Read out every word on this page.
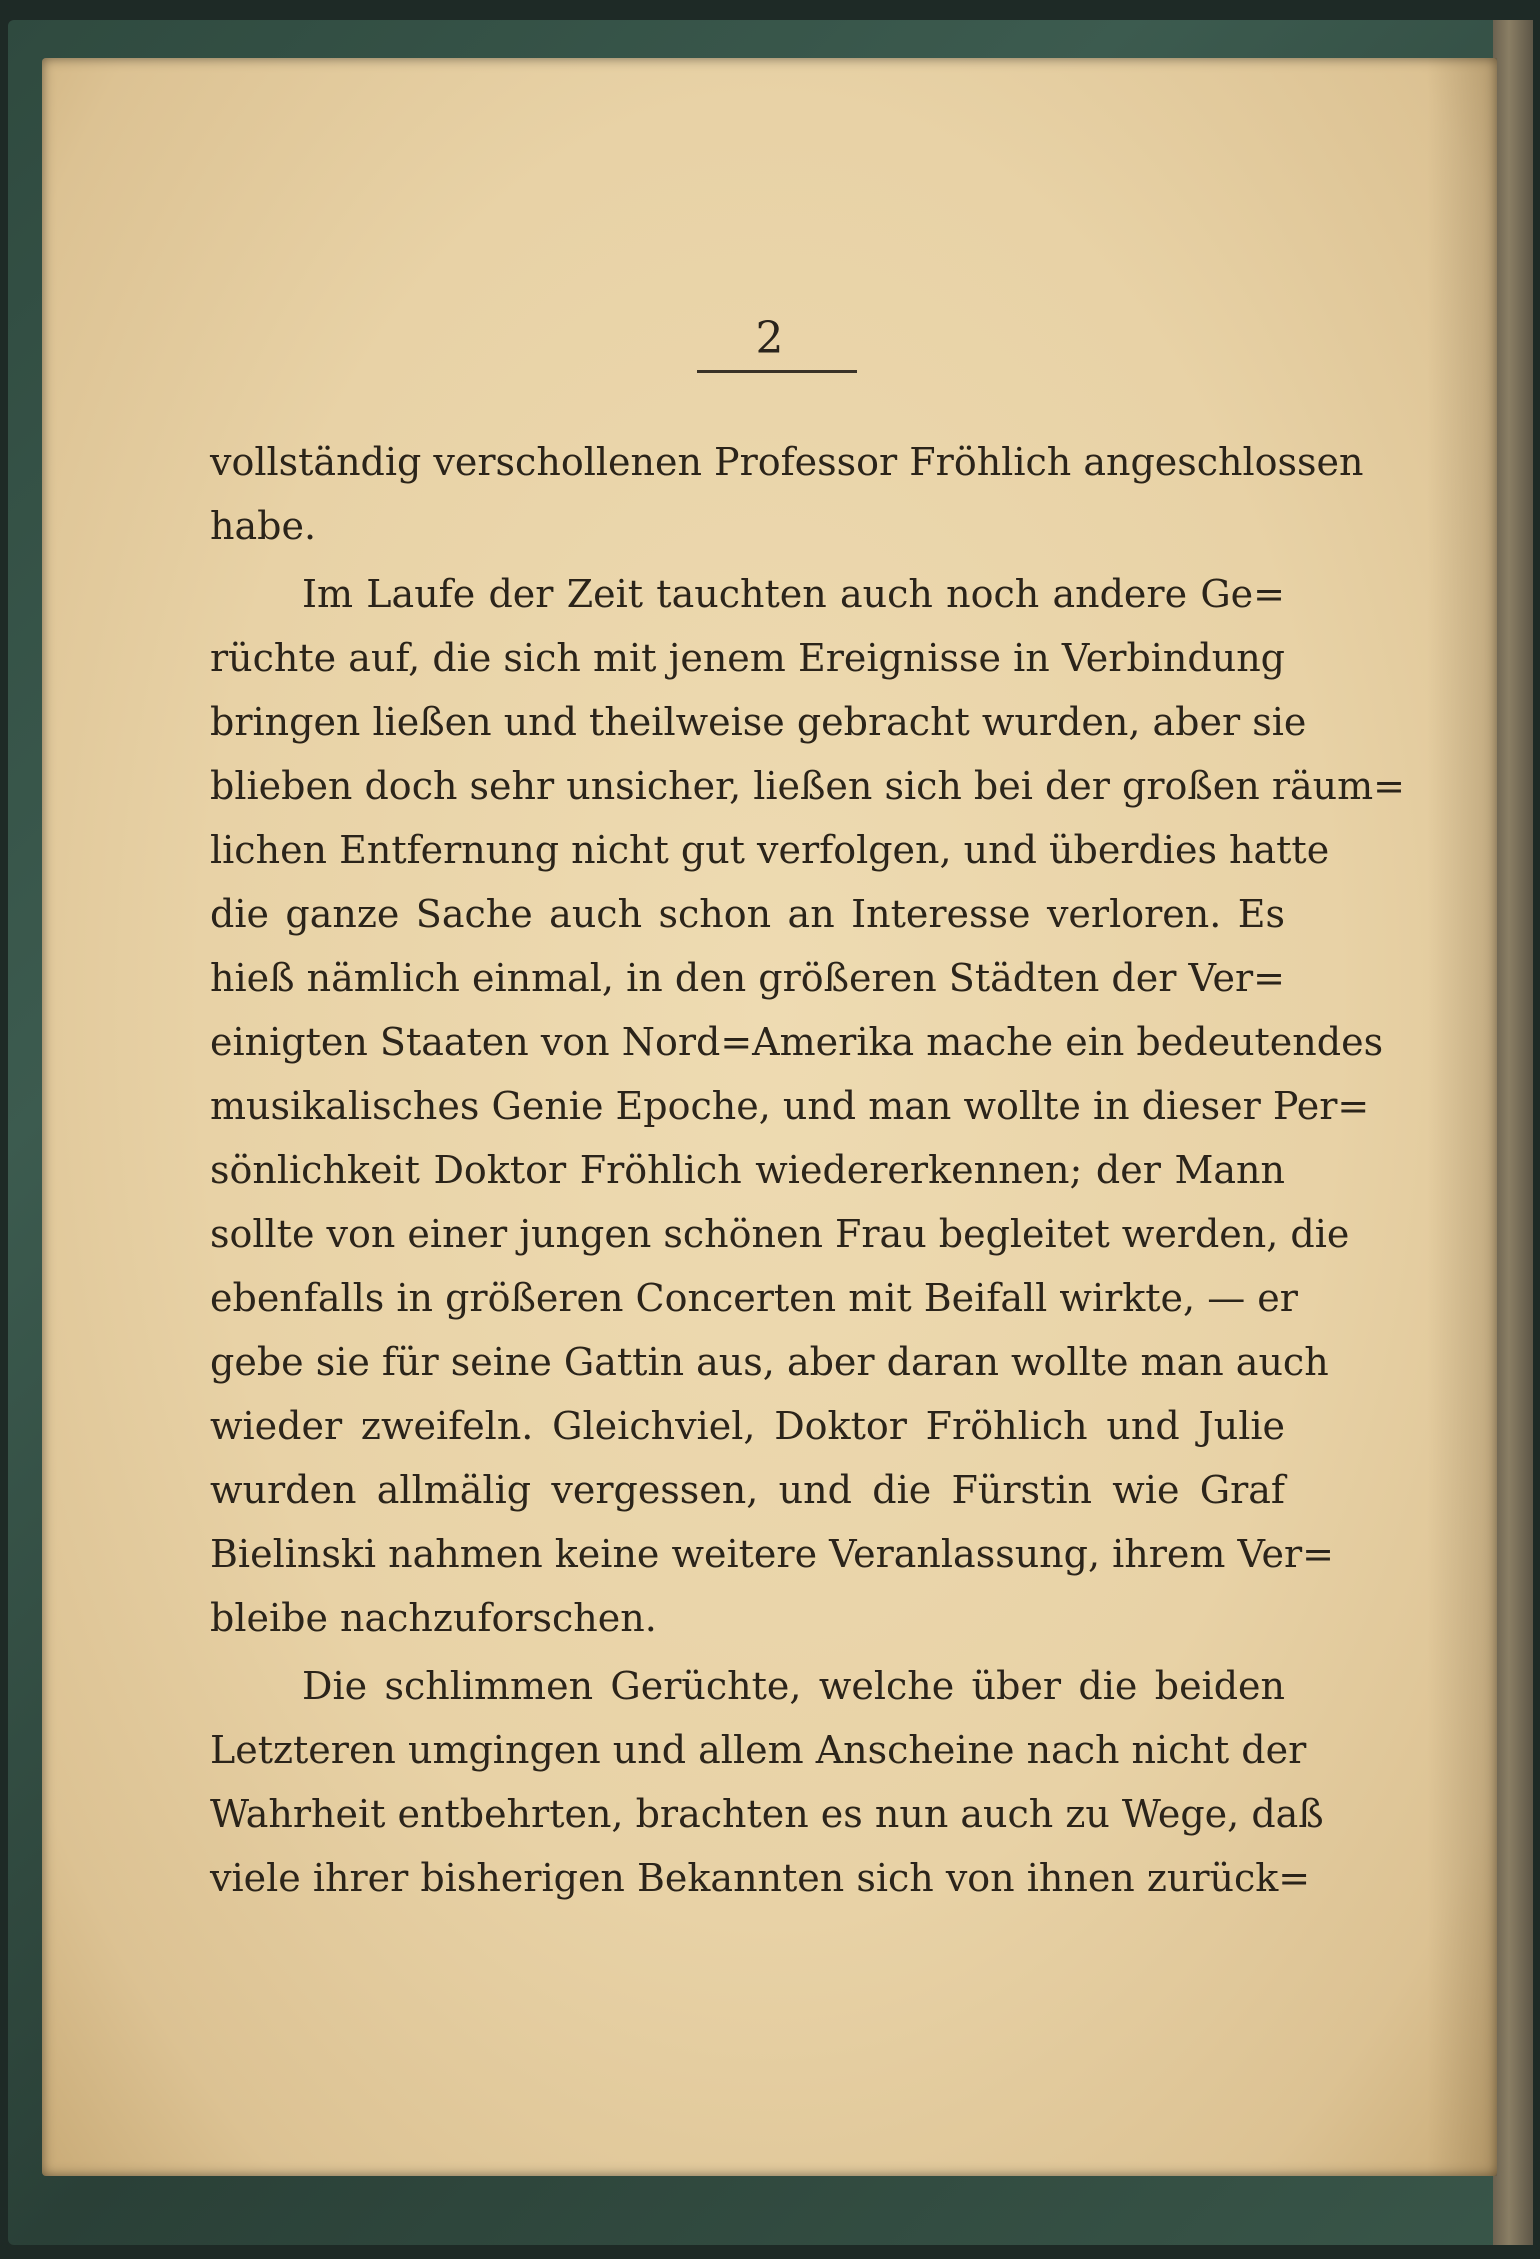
2
vollständig verschollenen Professor Fröhlich angeschlossen
habe.
Im Laufe der Zeit tauchten auch noch andere Ge=
rüchte auf, die sich mit jenem Ereignisse in Verbindung
bringen ließen und theilweise gebracht wurden, aber sie
blieben doch sehr unsicher, ließen sich bei der großen räum=
lichen Entfernung nicht gut verfolgen, und überdies hatte
die ganze Sache auch schon an Interesse verloren. Es
hieß nämlich einmal, in den größeren Städten der Ver=
einigten Staaten von Nord=Amerika mache ein bedeutendes
musikalisches Genie Epoche, und man wollte in dieser Per=
sönlichkeit Doktor Fröhlich wiedererkennen; der Mann
sollte von einer jungen schönen Frau begleitet werden, die
ebenfalls in größeren Concerten mit Beifall wirkte, — er
gebe sie für seine Gattin aus, aber daran wollte man auch
wieder zweifeln. Gleichviel, Doktor Fröhlich und Julie
wurden allmälig vergessen, und die Fürstin wie Graf
Bielinski nahmen keine weitere Veranlassung, ihrem Ver=
bleibe nachzuforschen.
Die schlimmen Gerüchte, welche über die beiden
Letzteren umgingen und allem Anscheine nach nicht der
Wahrheit entbehrten, brachten es nun auch zu Wege, daß
viele ihrer bisherigen Bekannten sich von ihnen zurück=
